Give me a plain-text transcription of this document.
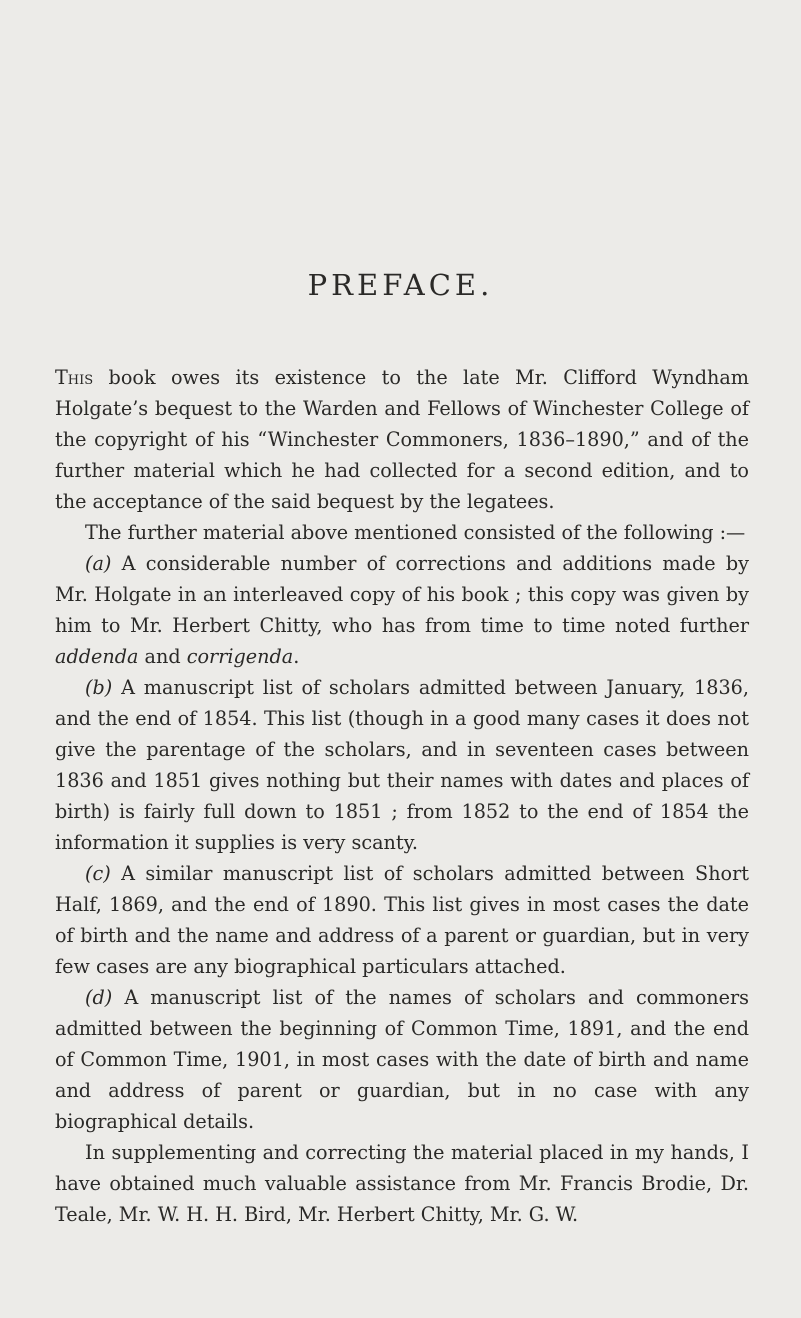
PREFACE.

This book owes its existence to the late Mr. Clifford Wyndham Holgate’s bequest to the Warden and Fellows of Winchester College of the copyright of his “Winchester Commoners, 1836–1890,” and of the further material which he had collected for a second edition, and to the acceptance of the said bequest by the legatees.

The further material above mentioned consisted of the following :—

(a) A considerable number of corrections and additions made by Mr. Holgate in an interleaved copy of his book ; this copy was given by him to Mr. Herbert Chitty, who has from time to time noted further addenda and corrigenda.

(b) A manuscript list of scholars admitted between January, 1836, and the end of 1854. This list (though in a good many cases it does not give the parentage of the scholars, and in seventeen cases between 1836 and 1851 gives nothing but their names with dates and places of birth) is fairly full down to 1851 ; from 1852 to the end of 1854 the information it supplies is very scanty.

(c) A similar manuscript list of scholars admitted between Short Half, 1869, and the end of 1890. This list gives in most cases the date of birth and the name and address of a parent or guardian, but in very few cases are any biographical particulars attached.

(d) A manuscript list of the names of scholars and commoners admitted between the beginning of Common Time, 1891, and the end of Common Time, 1901, in most cases with the date of birth and name and address of parent or guardian, but in no case with any biographical details.

In supplementing and correcting the material placed in my hands, I have obtained much valuable assistance from Mr. Francis Brodie, Dr. Teale, Mr. W. H. H. Bird, Mr. Herbert Chitty, Mr. G. W.
